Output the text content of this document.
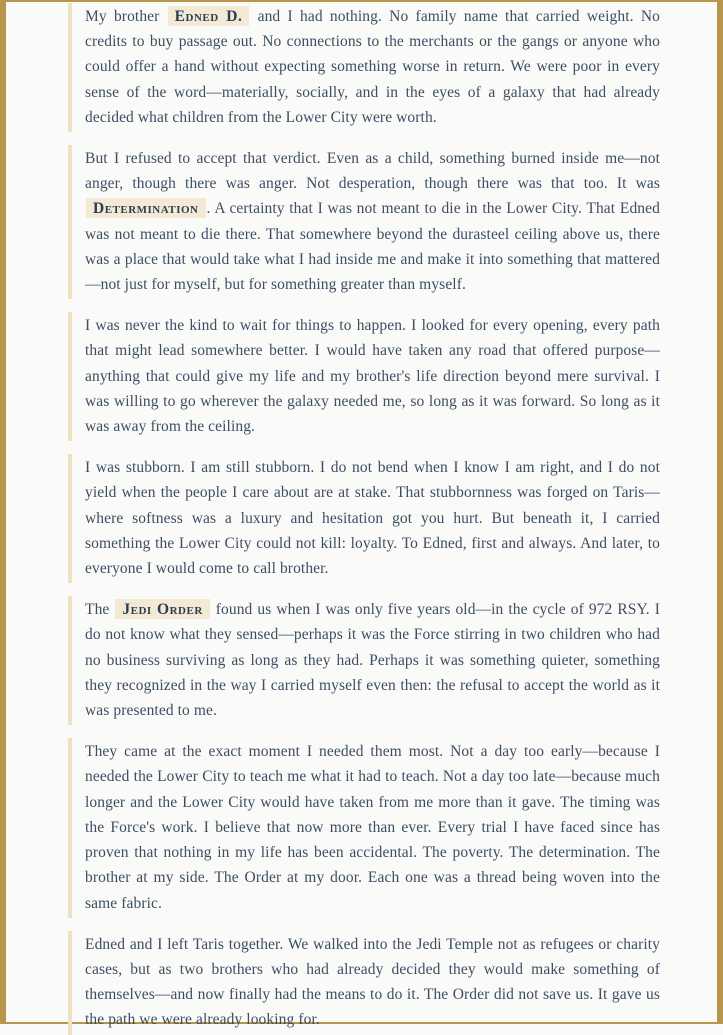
My brother Edned D. and I had nothing. No family name that carried weight. No credits to buy passage out. No connections to the merchants or the gangs or anyone who could offer a hand without expecting something worse in return. We were poor in every sense of the word—materially, socially, and in the eyes of a galaxy that had already decided what children from the Lower City were worth.

But I refused to accept that verdict. Even as a child, something burned inside me—not anger, though there was anger. Not desperation, though there was that too. It was Determination . A certainty that I was not meant to die in the Lower City. That Edned was not meant to die there. That somewhere beyond the durasteel ceiling above us, there was a place that would take what I had inside me and make it into something that mattered—not just for myself, but for something greater than myself.

I was never the kind to wait for things to happen. I looked for every opening, every path that might lead somewhere better. I would have taken any road that offered purpose—anything that could give my life and my brother's life direction beyond mere survival. I was willing to go wherever the galaxy needed me, so long as it was forward. So long as it was away from the ceiling.

I was stubborn. I am still stubborn. I do not bend when I know I am right, and I do not yield when the people I care about are at stake. That stubbornness was forged on Taris—where softness was a luxury and hesitation got you hurt. But beneath it, I carried something the Lower City could not kill: loyalty. To Edned, first and always. And later, to everyone I would come to call brother.

The Jedi Order found us when I was only five years old—in the cycle of 972 RSY. I do not know what they sensed—perhaps it was the Force stirring in two children who had no business surviving as long as they had. Perhaps it was something quieter, something they recognized in the way I carried myself even then: the refusal to accept the world as it was presented to me.

They came at the exact moment I needed them most. Not a day too early—because I needed the Lower City to teach me what it had to teach. Not a day too late—because much longer and the Lower City would have taken from me more than it gave. The timing was the Force's work. I believe that now more than ever. Every trial I have faced since has proven that nothing in my life has been accidental. The poverty. The determination. The brother at my side. The Order at my door. Each one was a thread being woven into the same fabric.

Edned and I left Taris together. We walked into the Jedi Temple not as refugees or charity cases, but as two brothers who had already decided they would make something of themselves—and now finally had the means to do it. The Order did not save us. It gave us the path we were already looking for.
